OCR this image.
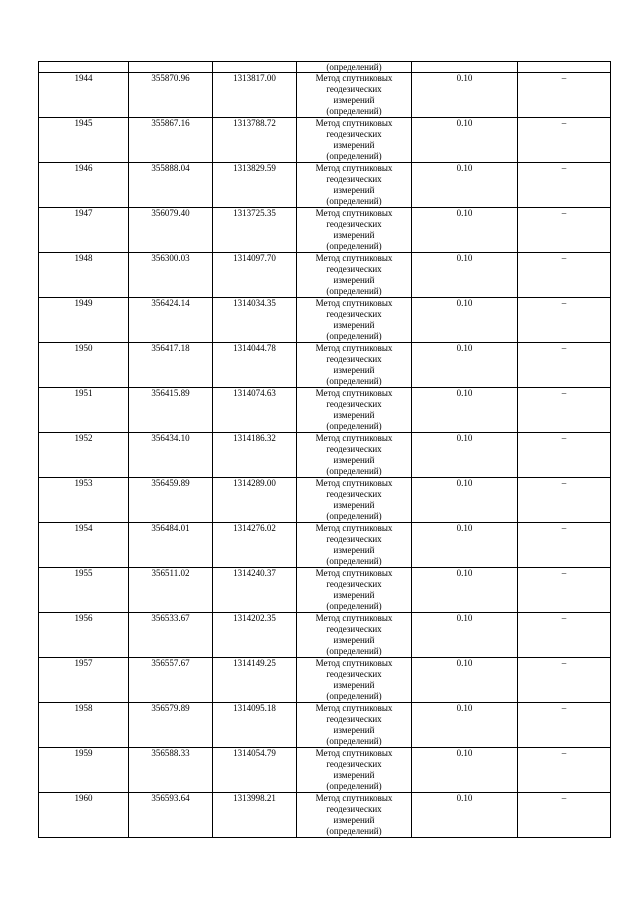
			(определений)		
1944	355870.96	1313817.00	Метод спутниковых
геодезических
измерений
(определений)	0.10	–
1945	355867.16	1313788.72	Метод спутниковых
геодезических
измерений
(определений)	0.10	–
1946	355888.04	1313829.59	Метод спутниковых
геодезических
измерений
(определений)	0.10	–
1947	356079.40	1313725.35	Метод спутниковых
геодезических
измерений
(определений)	0.10	–
1948	356300.03	1314097.70	Метод спутниковых
геодезических
измерений
(определений)	0.10	–
1949	356424.14	1314034.35	Метод спутниковых
геодезических
измерений
(определений)	0.10	–
1950	356417.18	1314044.78	Метод спутниковых
геодезических
измерений
(определений)	0.10	–
1951	356415.89	1314074.63	Метод спутниковых
геодезических
измерений
(определений)	0.10	–
1952	356434.10	1314186.32	Метод спутниковых
геодезических
измерений
(определений)	0.10	–
1953	356459.89	1314289.00	Метод спутниковых
геодезических
измерений
(определений)	0.10	–
1954	356484.01	1314276.02	Метод спутниковых
геодезических
измерений
(определений)	0.10	–
1955	356511.02	1314240.37	Метод спутниковых
геодезических
измерений
(определений)	0.10	–
1956	356533.67	1314202.35	Метод спутниковых
геодезических
измерений
(определений)	0.10	–
1957	356557.67	1314149.25	Метод спутниковых
геодезических
измерений
(определений)	0.10	–
1958	356579.89	1314095.18	Метод спутниковых
геодезических
измерений
(определений)	0.10	–
1959	356588.33	1314054.79	Метод спутниковых
геодезических
измерений
(определений)	0.10	–
1960	356593.64	1313998.21	Метод спутниковых
геодезических
измерений
(определений)	0.10	–
